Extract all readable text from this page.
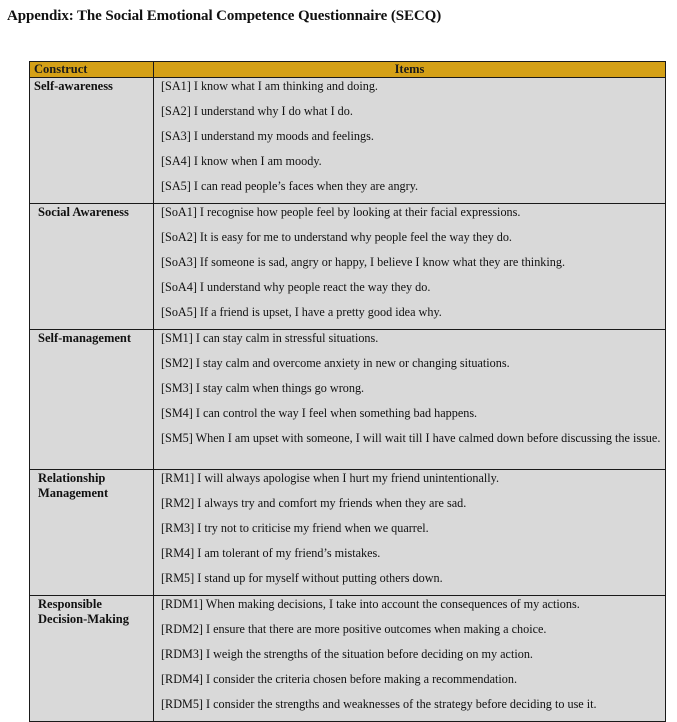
Appendix: The Social Emotional Competence Questionnaire (SECQ)
Construct	Items
Self-awareness	[SA1] I know what I am thinking and doing.
[SA2] I understand why I do what I do.
[SA3] I understand my moods and feelings.
[SA4] I know when I am moody.
[SA5] I can read people’s faces when they are angry.

Social Awareness	[SoA1] I recognise how people feel by looking at their facial expressions.
[SoA2] It is easy for me to understand why people feel the way they do.
[SoA3] If someone is sad, angry or happy, I believe I know what they are thinking.
[SoA4] I understand why people react the way they do.
[SoA5] If a friend is upset, I have a pretty good idea why.

Self-management	[SM1] I can stay calm in stressful situations.
[SM2] I stay calm and overcome anxiety in new or changing situations.
[SM3] I stay calm when things go wrong.
[SM4] I can control the way I feel when something bad happens.
[SM5] When I am upset with someone, I will wait till I have calmed down before discussing the issue.

Relationship Management	[RM1] I will always apologise when I hurt my friend unintentionally.
[RM2] I always try and comfort my friends when they are sad.
[RM3] I try not to criticise my friend when we quarrel.
[RM4] I am tolerant of my friend’s mistakes.
[RM5] I stand up for myself without putting others down.

Responsible Decision-Making	[RDM1] When making decisions, I take into account the consequences of my actions.
[RDM2] I ensure that there are more positive outcomes when making a choice.
[RDM3] I weigh the strengths of the situation before deciding on my action.
[RDM4] I consider the criteria chosen before making a recommendation.
[RDM5] I consider the strengths and weaknesses of the strategy before deciding to use it.
